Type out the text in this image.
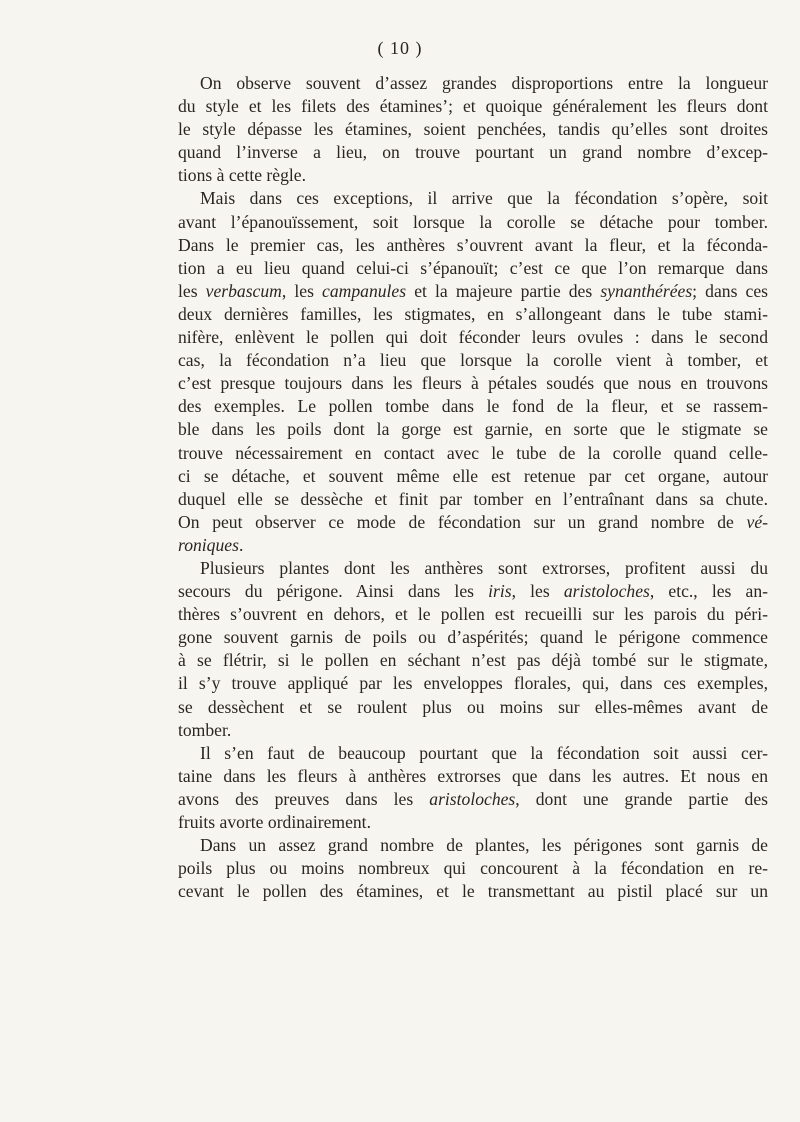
( 10 )
On observe souvent d’assez grandes disproportions entre la longueur
du style et les filets des étamines’; et quoique généralement les fleurs dont
le style dépasse les étamines, soient penchées, tandis qu’elles sont droites
quand l’inverse a lieu, on trouve pourtant un grand nombre d’excep-
tions à cette règle.
Mais dans ces exceptions, il arrive que la fécondation s’opère, soit
avant l’épanouïssement, soit lorsque la corolle se détache pour tomber.
Dans le premier cas, les anthères s’ouvrent avant la fleur, et la féconda-
tion a eu lieu quand celui-ci s’épanouït; c’est ce que l’on remarque dans
les verbascum, les campanules et la majeure partie des synanthérées; dans ces
deux dernières familles, les stigmates, en s’allongeant dans le tube stami-
nifère, enlèvent le pollen qui doit féconder leurs ovules : dans le second
cas, la fécondation n’a lieu que lorsque la corolle vient à tomber, et
c’est presque toujours dans les fleurs à pétales soudés que nous en trouvons
des exemples. Le pollen tombe dans le fond de la fleur, et se rassem-
ble dans les poils dont la gorge est garnie, en sorte que le stigmate se
trouve nécessairement en contact avec le tube de la corolle quand celle-
ci se détache, et souvent même elle est retenue par cet organe, autour
duquel elle se dessèche et finit par tomber en l’entraînant dans sa chute.
On peut observer ce mode de fécondation sur un grand nombre de vé-
roniques.
Plusieurs plantes dont les anthères sont extrorses, profitent aussi du
secours du périgone. Ainsi dans les iris, les aristoloches, etc., les an-
thères s’ouvrent en dehors, et le pollen est recueilli sur les parois du péri-
gone souvent garnis de poils ou d’aspérités; quand le périgone commence
à se flétrir, si le pollen en séchant n’est pas déjà tombé sur le stigmate,
il s’y trouve appliqué par les enveloppes florales, qui, dans ces exemples,
se dessèchent et se roulent plus ou moins sur elles-mêmes avant de
tomber.
Il s’en faut de beaucoup pourtant que la fécondation soit aussi cer-
taine dans les fleurs à anthères extrorses que dans les autres. Et nous en
avons des preuves dans les aristoloches, dont une grande partie des
fruits avorte ordinairement.
Dans un assez grand nombre de plantes, les périgones sont garnis de
poils plus ou moins nombreux qui concourent à la fécondation en re-
cevant le pollen des étamines, et le transmettant au pistil placé sur un
